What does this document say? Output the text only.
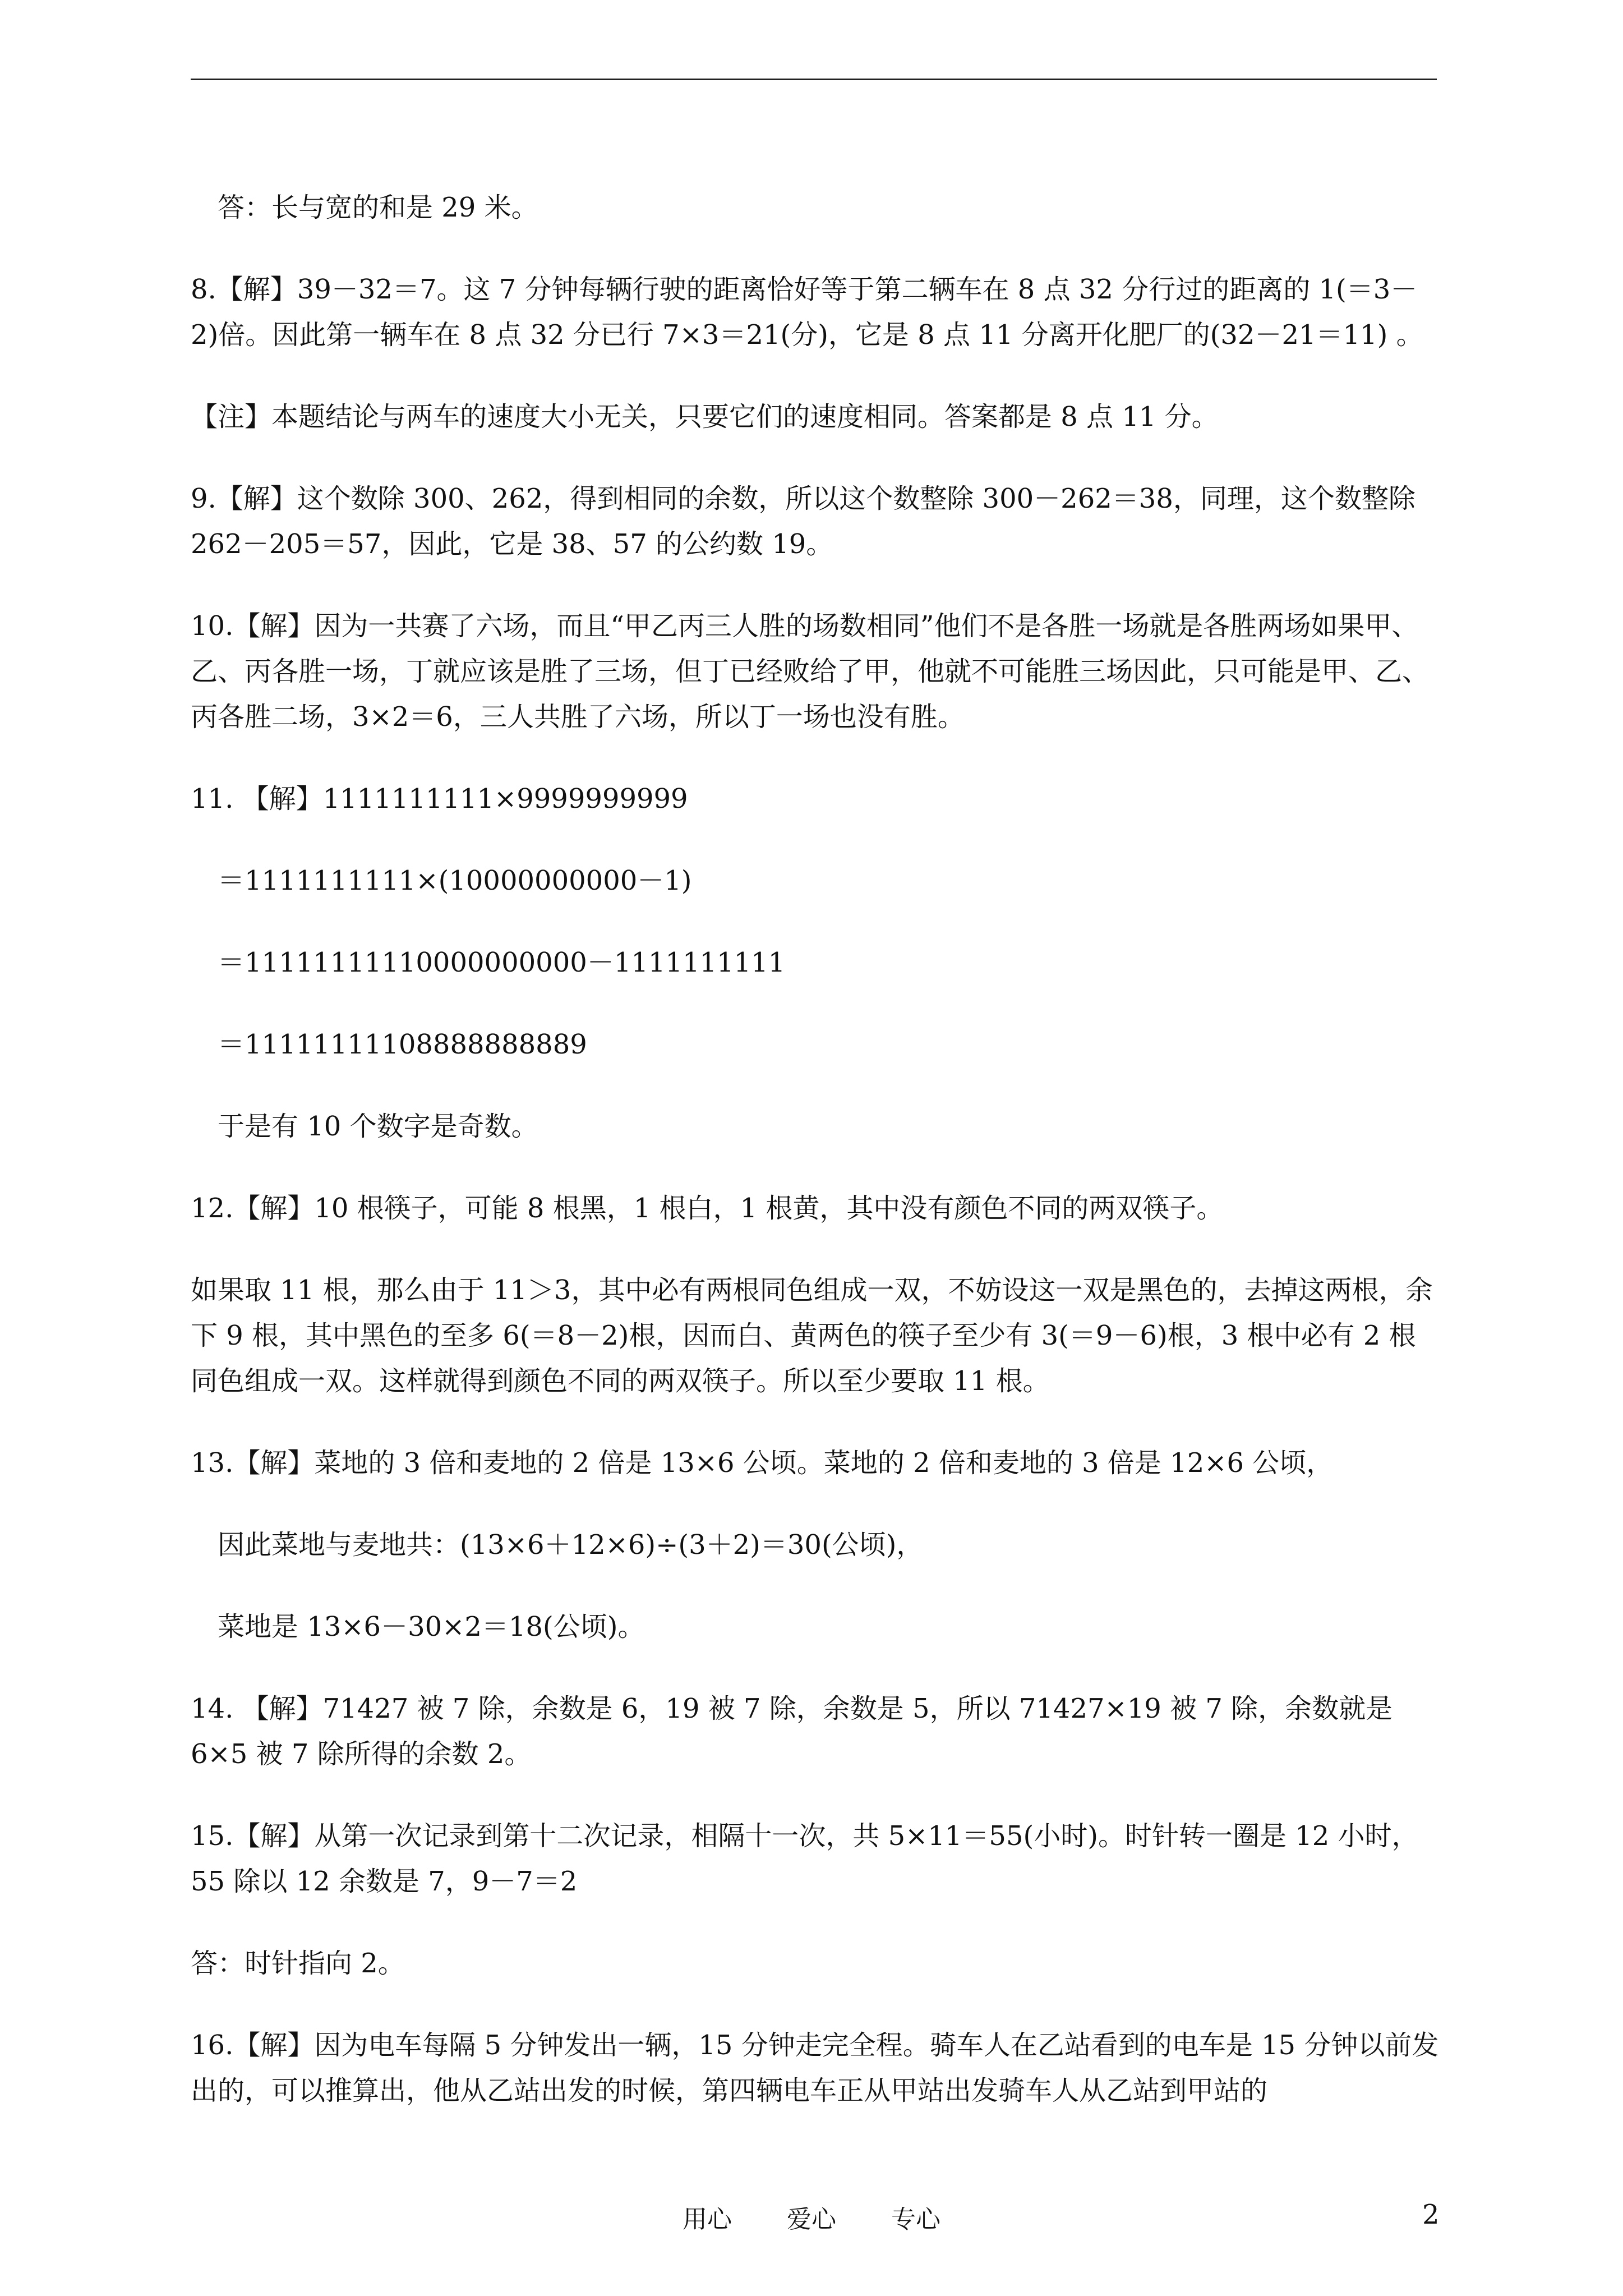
答：长与宽的和是 29 米。

8.【解】39－32＝7。这 7 分钟每辆行驶的距离恰好等于第二辆车在 8 点 32 分行过的距离的 1(＝3－2)倍。因此第一辆车在 8 点 32 分已行 7×3＝21(分)，它是 8 点 11 分离开化肥厂的(32－21＝11) 。

【注】本题结论与两车的速度大小无关，只要它们的速度相同。答案都是 8 点 11 分。

9.【解】这个数除 300、262，得到相同的余数，所以这个数整除 300－262＝38，同理，这个数整除 262－205＝57，因此，它是 38、57 的公约数 19。

10.【解】因为一共赛了六场，而且“甲乙丙三人胜的场数相同”他们不是各胜一场就是各胜两场如果甲、乙、丙各胜一场，丁就应该是胜了三场，但丁已经败给了甲，他就不可能胜三场因此，只可能是甲、乙、丙各胜二场，3×2＝6，三人共胜了六场，所以丁一场也没有胜。

11. 【解】1111111111×9999999999

＝1111111111×(10000000000－1)

＝11111111110000000000－1111111111

＝11111111108888888889

于是有 10 个数字是奇数。

12.【解】10 根筷子，可能 8 根黑，1 根白，1 根黄，其中没有颜色不同的两双筷子。

如果取 11 根，那么由于 11＞3，其中必有两根同色组成一双，不妨设这一双是黑色的，去掉这两根，余下 9 根，其中黑色的至多 6(＝8－2)根，因而白、黄两色的筷子至少有 3(＝9－6)根，3 根中必有 2 根同色组成一双。这样就得到颜色不同的两双筷子。所以至少要取 11 根。

13.【解】菜地的 3 倍和麦地的 2 倍是 13×6 公顷。菜地的 2 倍和麦地的 3 倍是 12×6 公顷，

因此菜地与麦地共：(13×6＋12×6)÷(3＋2)＝30(公顷)，

菜地是 13×6－30×2＝18(公顷)。

14. 【解】71427 被 7 除，余数是 6，19 被 7 除，余数是 5，所以 71427×19 被 7 除，余数就是 6×5 被 7 除所得的余数 2。

15.【解】从第一次记录到第十二次记录，相隔十一次，共 5×11＝55(小时)。时针转一圈是 12 小时，55 除以 12 余数是 7，9－7＝2

答：时针指向 2。

16.【解】因为电车每隔 5 分钟发出一辆，15 分钟走完全程。骑车人在乙站看到的电车是 15 分钟以前发出的，可以推算出，他从乙站出发的时候，第四辆电车正从甲站出发骑车人从乙站到甲站的

用心 爱心 专心	2
